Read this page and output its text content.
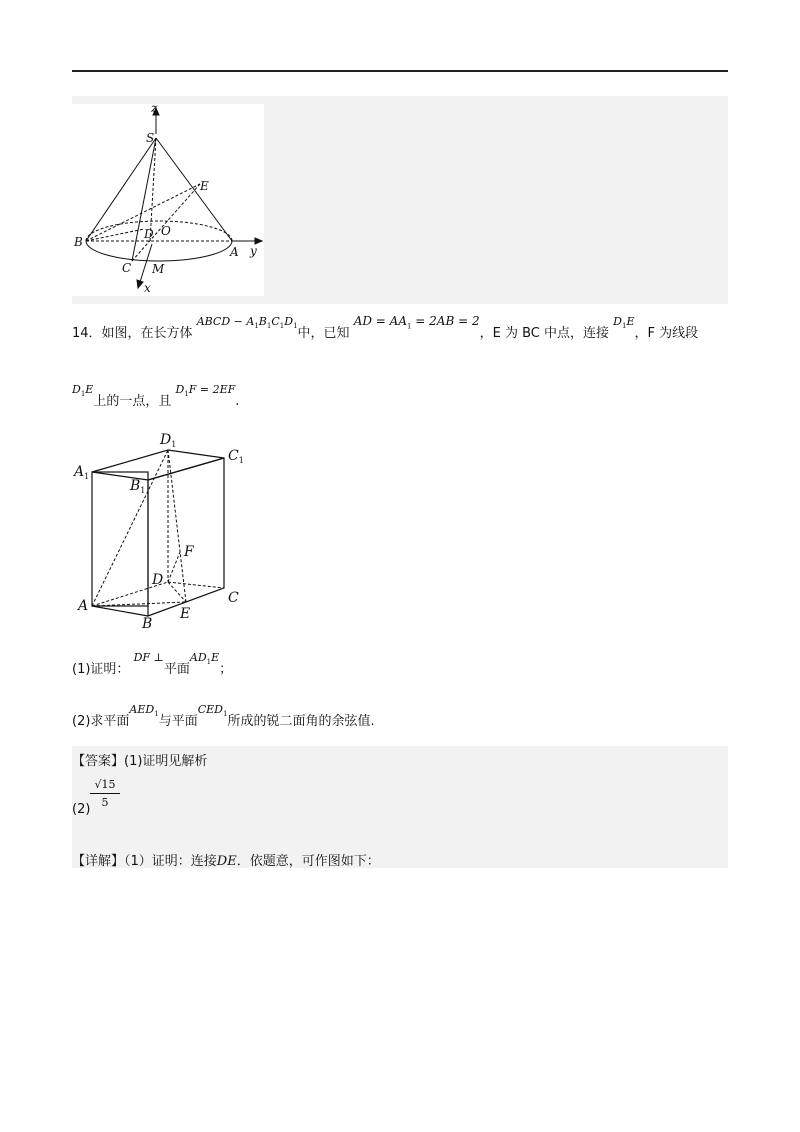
z
S
E
B
D O
A y
C M
x
14．如图，在长方体 $^{ABCD - A_1B_1C_1D_1}$中，已知 AD = $AA_1 = 2AB = 2$，E 为 BC 中点，连接 $^{D_1E}$，F 为线段
$^{D_1E}$上的一点，且 $^{D_1F = 2EF}$.
$D_1$
$C_1$
$A_1$
$B_1$
F
D
C
A	E
B
(1)证明： $^{DF \perp}$平面$^{AD_1E}$；
(2)求平面$^{AED_1}$与平面$^{CED_1}$所成的锐二面角的余弦值.
【答案】(1)证明见解析
(2)
$\frac{√15}{5}$
【详解】（1）证明：连接DE．依题意，可作图如下：
